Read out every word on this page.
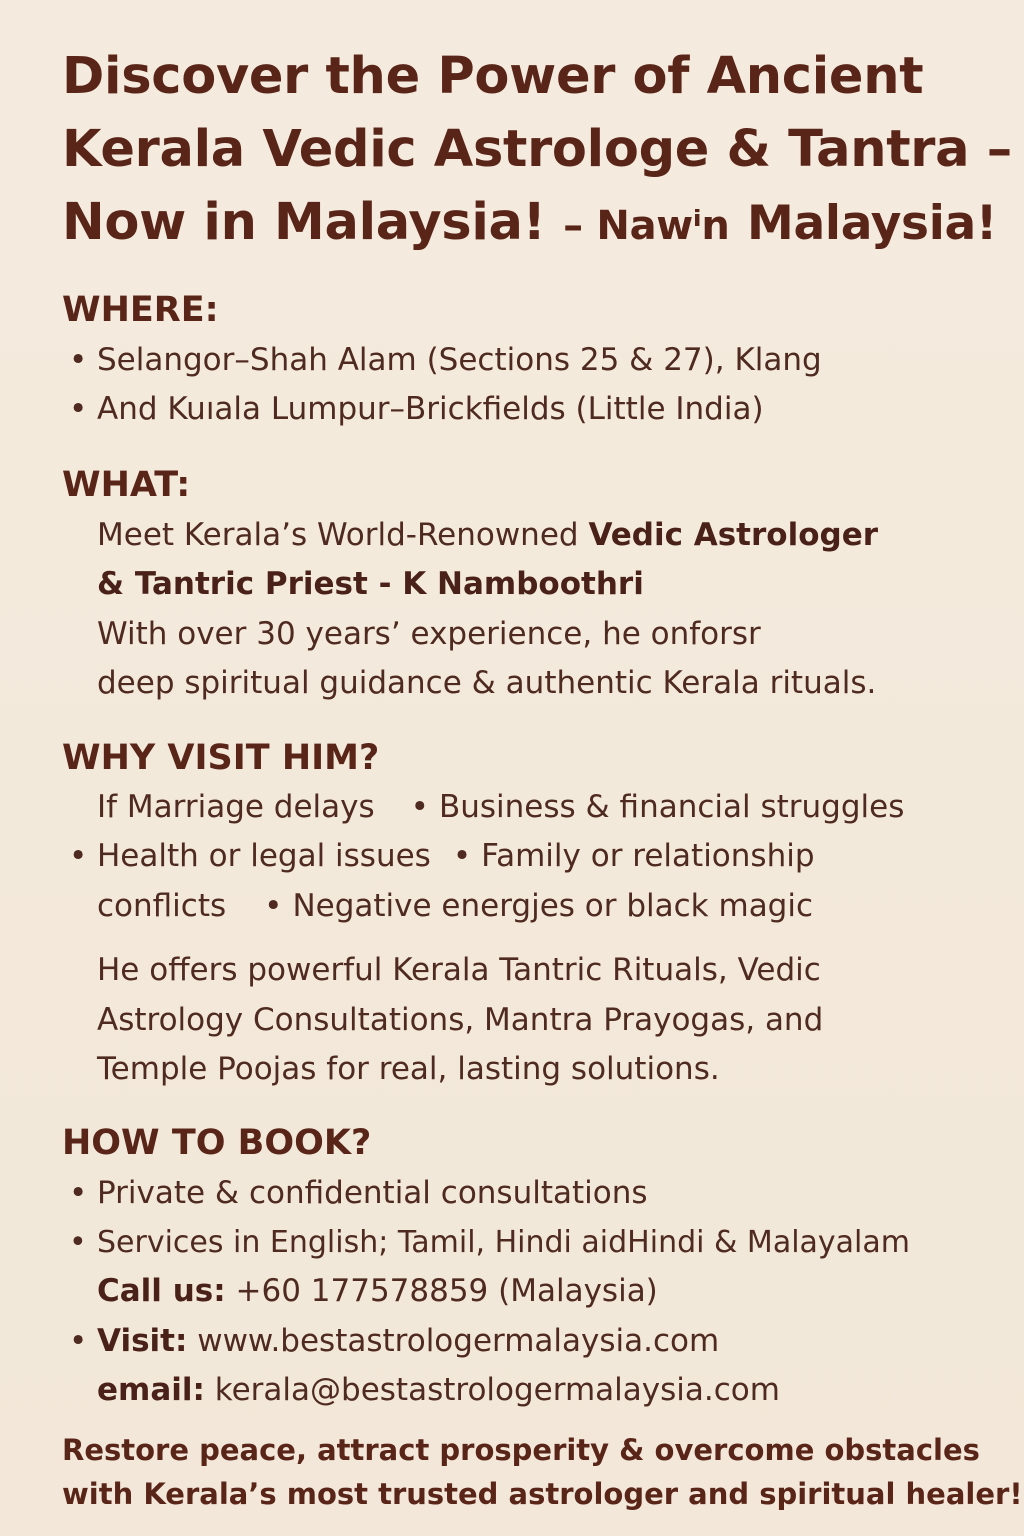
Discover the Power of Ancient
Kerala Vedic Astrologe & Tantra –
Now in Malaysia! – Nawⁱn Malaysia!
WHERE:

• Selangor–Shah Alam (Sections 25 & 27), Klang

• And Kuıala Lumpur–Brickfields (Little India)

WHAT:

Meet Kerala’s World-Renowned Vedic Astrologer

& Tantric Priest - K Namboothri

With over 30 years’ experience, he onforsr

deep spiritual guidance & authentic Kerala rituals.

WHY VISIT HIM?

If Marriage delays • Business & financial struggles

• Health or legal issues • Family or relationship

conflicts • Negative energjes or black magic

He offers powerful Kerala Tantric Rituals, Vedic

Astrology Consultations, Mantra Prayogas, and

Temple Poojas for real, lasting solutions.

HOW TO BOOK?

• Private & confidential consultations

• Services in English; Tamil, Hindi aidHindi & Malayalam

Call us: +60 177578859 (Malaysia)

• Visit: www.bestastrologermalaysia.com

email: kerala@bestastrologermalaysia.com

Restore peace, attract prosperity & overcome obstacles
with Kerala’s most trusted astrologer and spiritual healer!
